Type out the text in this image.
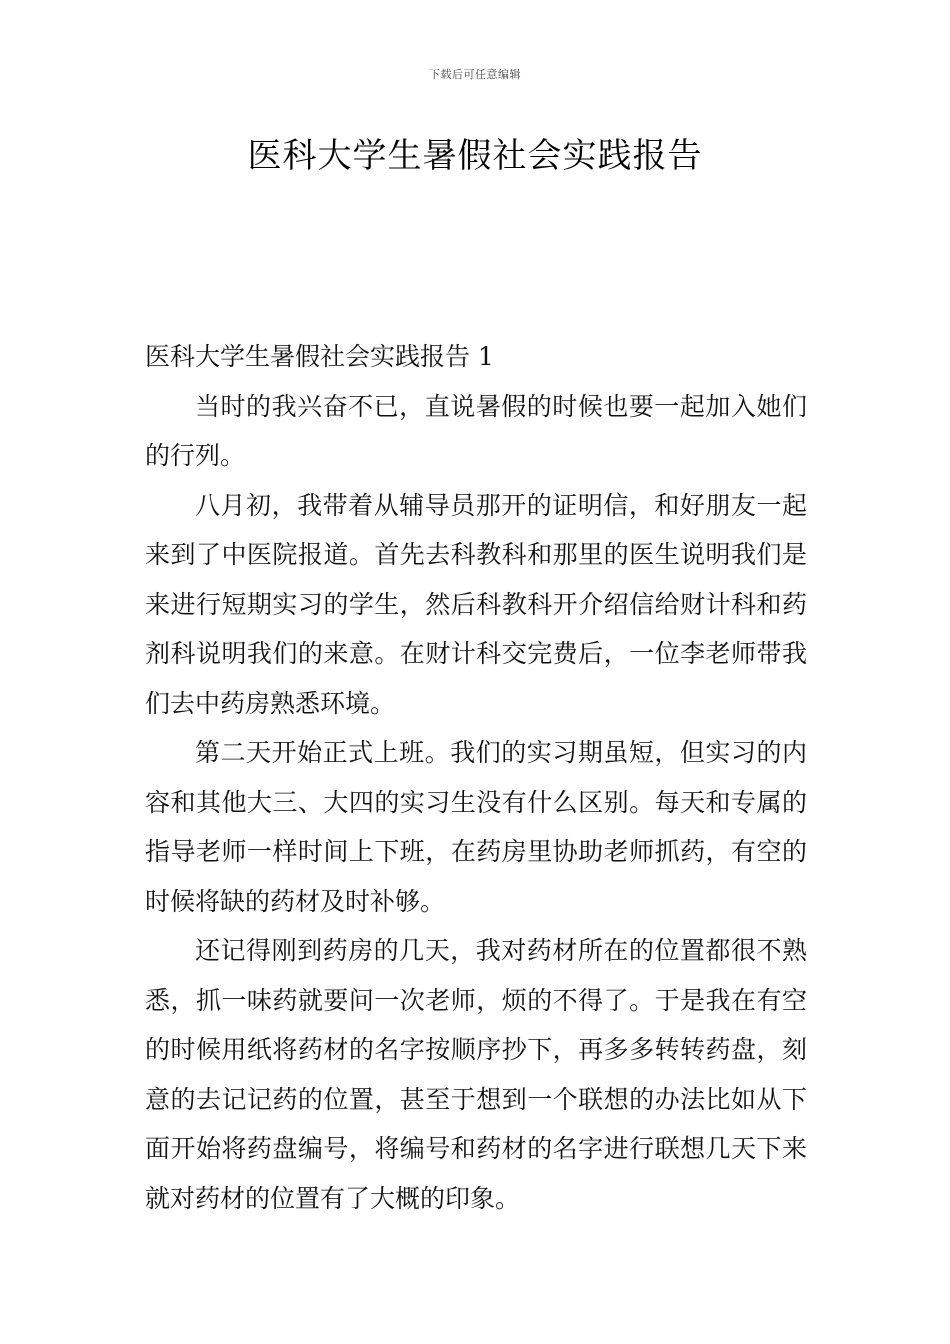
下载后可任意编辑
医科大学生暑假社会实践报告
医科大学生暑假社会实践报告 1

当时的我兴奋不已，直说暑假的时候也要一起加入她们的行列。

八月初，我带着从辅导员那开的证明信，和好朋友一起来到了中医院报道。首先去科教科和那里的医生说明我们是来进行短期实习的学生，然后科教科开介绍信给财计科和药剂科说明我们的来意。在财计科交完费后，一位李老师带我们去中药房熟悉环境。

第二天开始正式上班。我们的实习期虽短，但实习的内容和其他大三、大四的实习生没有什么区别。每天和专属的指导老师一样时间上下班，在药房里协助老师抓药，有空的时候将缺的药材及时补够。

还记得刚到药房的几天，我对药材所在的位置都很不熟悉，抓一味药就要问一次老师，烦的不得了。于是我在有空的时候用纸将药材的名字按顺序抄下，再多多转转药盘，刻意的去记记药的位置，甚至于想到一个联想的办法比如从下面开始将药盘编号，将编号和药材的名字进行联想几天下来就对药材的位置有了大概的印象。
